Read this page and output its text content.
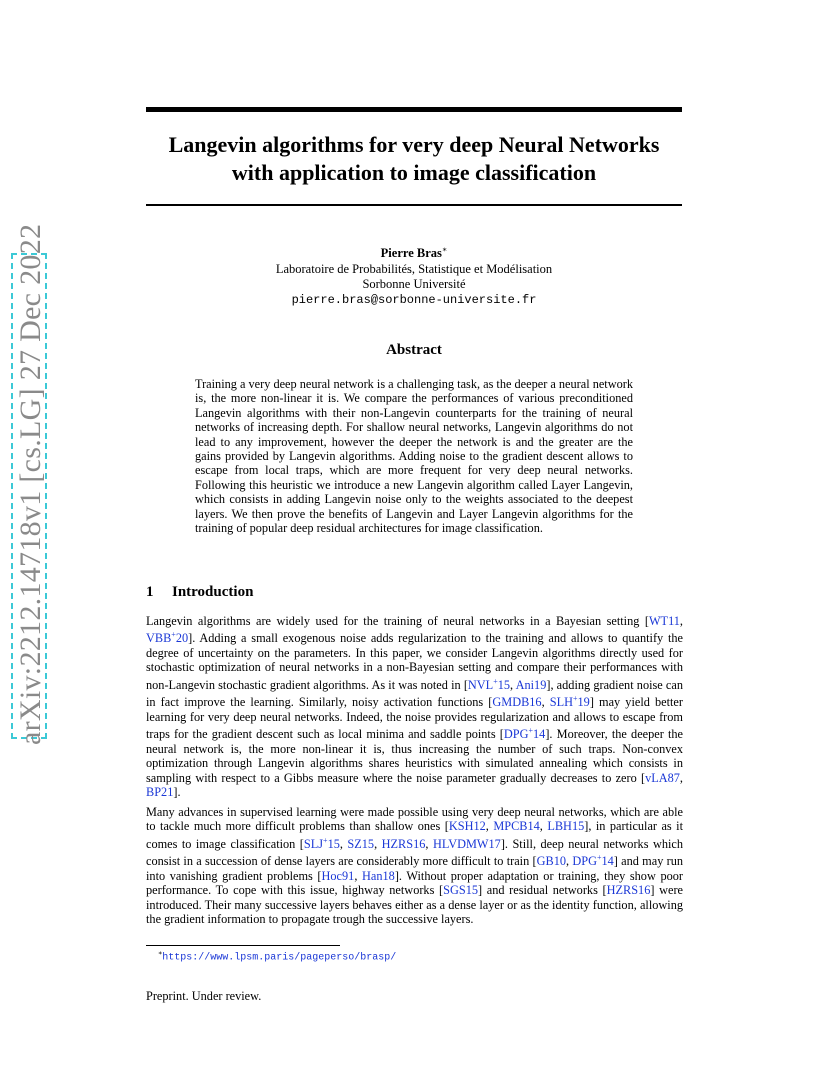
arXiv:2212.14718v1 [cs.LG] 27 Dec 2022
Langevin algorithms for very deep Neural Networks
with application to image classification
Pierre Bras∗
Laboratoire de Probabilités, Statistique et Modélisation
Sorbonne Université
pierre.bras@sorbonne-universite.fr
Abstract
Training a very deep neural network is a challenging task, as the deeper a neural network is, the more non-linear it is. We compare the performances of various preconditioned Langevin algorithms with their non-Langevin counterparts for the training of neural networks of increasing depth. For shallow neural networks, Langevin algorithms do not lead to any improvement, however the deeper the network is and the greater are the gains provided by Langevin algorithms. Adding noise to the gradient descent allows to escape from local traps, which are more frequent for very deep neural networks. Following this heuristic we introduce a new Langevin algorithm called Layer Langevin, which consists in adding Langevin noise only to the weights associated to the deepest layers. We then prove the benefits of Langevin and Layer Langevin algorithms for the training of popular deep residual architectures for image classification.
1 Introduction

Langevin algorithms are widely used for the training of neural networks in a Bayesian setting [WT11, VBB+20]. Adding a small exogenous noise adds regularization to the training and allows to quantify the degree of uncertainty on the parameters. In this paper, we consider Langevin algorithms directly used for stochastic optimization of neural networks in a non-Bayesian setting and compare their performances with non-Langevin stochastic gradient algorithms. As it was noted in [NVL+15, Ani19], adding gradient noise can in fact improve the learning. Similarly, noisy activation functions [GMDB16, SLH+19] may yield better learning for very deep neural networks. Indeed, the noise provides regularization and allows to escape from traps for the gradient descent such as local minima and saddle points [DPG+14]. Moreover, the deeper the neural network is, the more non-linear it is, thus increasing the number of such traps. Non-convex optimization through Langevin algorithms shares heuristics with simulated annealing which consists in sampling with respect to a Gibbs measure where the noise parameter gradually decreases to zero [vLA87, BP21].

Many advances in supervised learning were made possible using very deep neural networks, which are able to tackle much more difficult problems than shallow ones [KSH12, MPCB14, LBH15], in particular as it comes to image classification [SLJ+15, SZ15, HZRS16, HLVDMW17]. Still, deep neural networks which consist in a succession of dense layers are considerably more difficult to train [GB10, DPG+14] and may run into vanishing gradient problems [Hoc91, Han18]. Without proper adaptation or training, they show poor performance. To cope with this issue, highway networks [SGS15] and residual networks [HZRS16] were introduced. Their many successive layers behaves either as a dense layer or as the identity function, allowing the gradient information to propagate trough the successive layers.

∗https://www.lpsm.paris/pageperso/brasp/
Preprint. Under review.
